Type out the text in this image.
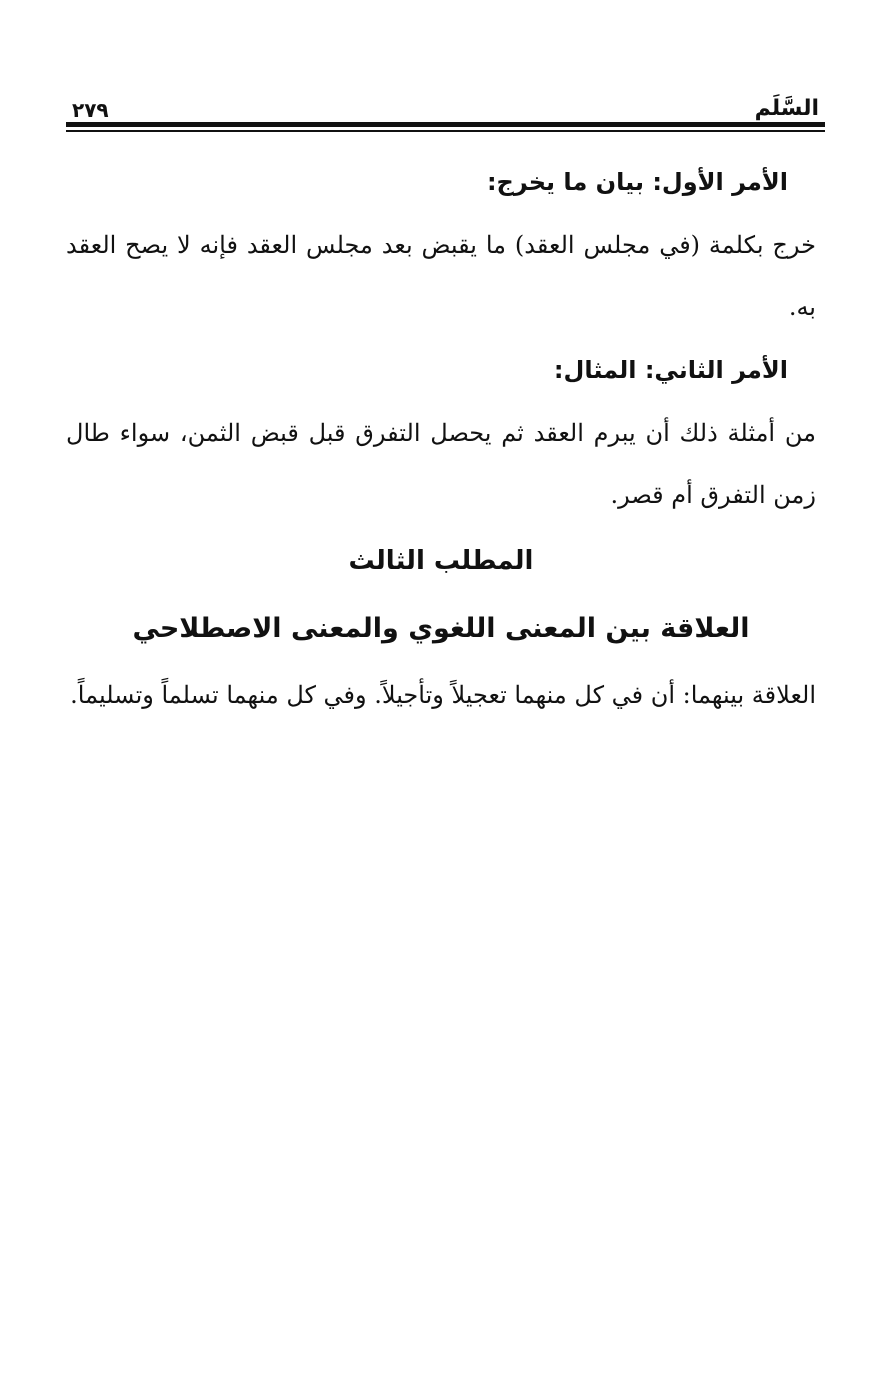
السَّلَم
٢٧٩

الأمر الأول: بيان ما يخرج:

خرج بكلمة (في مجلس العقد) ما يقبض بعد مجلس العقد فإنه لا يصح العقد به.

الأمر الثاني: المثال:

من أمثلة ذلك أن يبرم العقد ثم يحصل التفرق قبل قبض الثمن، سواء طال زمن التفرق أم قصر.

المطلب الثالث

العلاقة بين المعنى اللغوي والمعنى الاصطلاحي

العلاقة بينهما: أن في كل منهما تعجيلاً وتأجيلاً. وفي كل منهما تسلماً وتسليماً.
